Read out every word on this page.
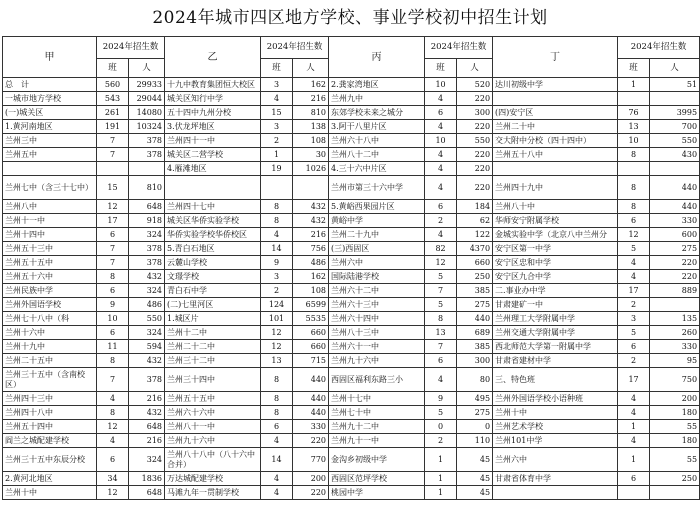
2024年城市四区地方学校、事业学校初中招生计划
甲	2024年招生数		乙	2024年招生数		丙	2024年招生数		丁	2024年招生数	
	班	人		班	人		班	人		班	人
总　计	560	29933	十九中教育集团恒大校区	3	162	2.龚家湾地区	10	520	达川初级中学	1	51
一城市地方学校	543	29044	城关区知行中学	4	216	兰州九中	4	220			
(一)城关区	261	14080	五十四中九州分校	15	810	东郊学校未来之城分	6	300	(四)安宁区	76	3995
1.黄河南地区	191	10324	3.伏龙坪地区	3	138	3.阿干八里片区	4	220	兰州二十中	13	700
兰州三中	7	378	兰州四十一中	2	108	兰州六十八中	10	550	交大附中分校（四十四中）	10	550
兰州五中	7	378	城关区二营学校	1	30	兰州八十二中	4	220	兰州五十八中	8	430
			4.雁滩地区	19	1026	4.三十六中片区	4	220			
兰州七中（含三十七中）	15	810				兰州市第三十六中学	4	220	兰州四十九中	8	440
兰州八中	12	648	兰州四十七中	8	432	5.黄峪西果园片区	6	184	兰州八十中	8	440
兰州十一中	17	918	城关区华侨实验学校	8	432	黄峪中学	2	62	华师安宁附属学校	6	330
兰州十四中	6	324	华侨实验学校华侨校区	4	216	兰州二十九中	4	122	金城实验中学（北京八中兰州分	12	600
兰州五十三中	7	378	5.青白石地区	14	756	(三)西固区	82	4370	安宁区第一中学	5	275
兰州五十五中	7	378	云麓山学校	9	486	兰州六中	12	660	安宁区忠和中学	4	220
兰州五十六中	8	432	文璟学校	3	162	国际陆港学校	5	250	安宁区九合中学	4	220
兰州民族中学	6	324	青白石中学	2	108	兰州六十二中	7	385	二.事业办中学	17	889
兰州外国语学校	9	486	(二)七里河区	124	6599	兰州六十三中	5	275	甘肃建矿一中	2	
兰州七十八中（科	10	550	1.城区片	101	5535	兰州六十四中	8	440	兰州理工大学附属中学	3	135
兰州十六中	6	324	兰州十二中	12	660	兰州八十三中	13	689	兰州交通大学附属中学	5	260
兰州十九中	11	594	兰州二十二中	12	660	兰州六十一中	7	385	西北师范大学第一附属中学	6	330
兰州二十五中	8	432	兰州三十二中	13	715	兰州九十六中	6	300	甘肃省建材中学	2	95
兰州三十五中（含南校区）	7	378	兰州三十四中	8	440	西固区福利东路三小	4	80	三、特色班	17	750
兰州四十三中	4	216	兰州五十五中	8	440	兰州十七中	9	495	兰州外国语学校小语种班	4	200
兰州四十八中	8	432	兰州六十六中	8	440	兰州七十中	5	275	兰州十中	4	180
兰州五十四中	12	648	兰州八十一中	6	330	兰州九十二中	0	0	兰州艺术学校	1	55
阎兰之城配建学校	4	216	兰州九十六中	4	220	兰州九十一中	2	110	兰州101中学	4	180
兰州三十五中东辰分校	6	324	兰州八十八中（八十六中合并）	14	770	金沟乡初级中学	1	45	兰州六中	1	55
2.黄河北地区	34	1836	万达城配建学校	4	200	西固区范坪学校	1	45	甘肃省体育中学	6	250
兰州十中	12	648	马滩九年一贯制学校	4	220	桃园中学	1	45			
